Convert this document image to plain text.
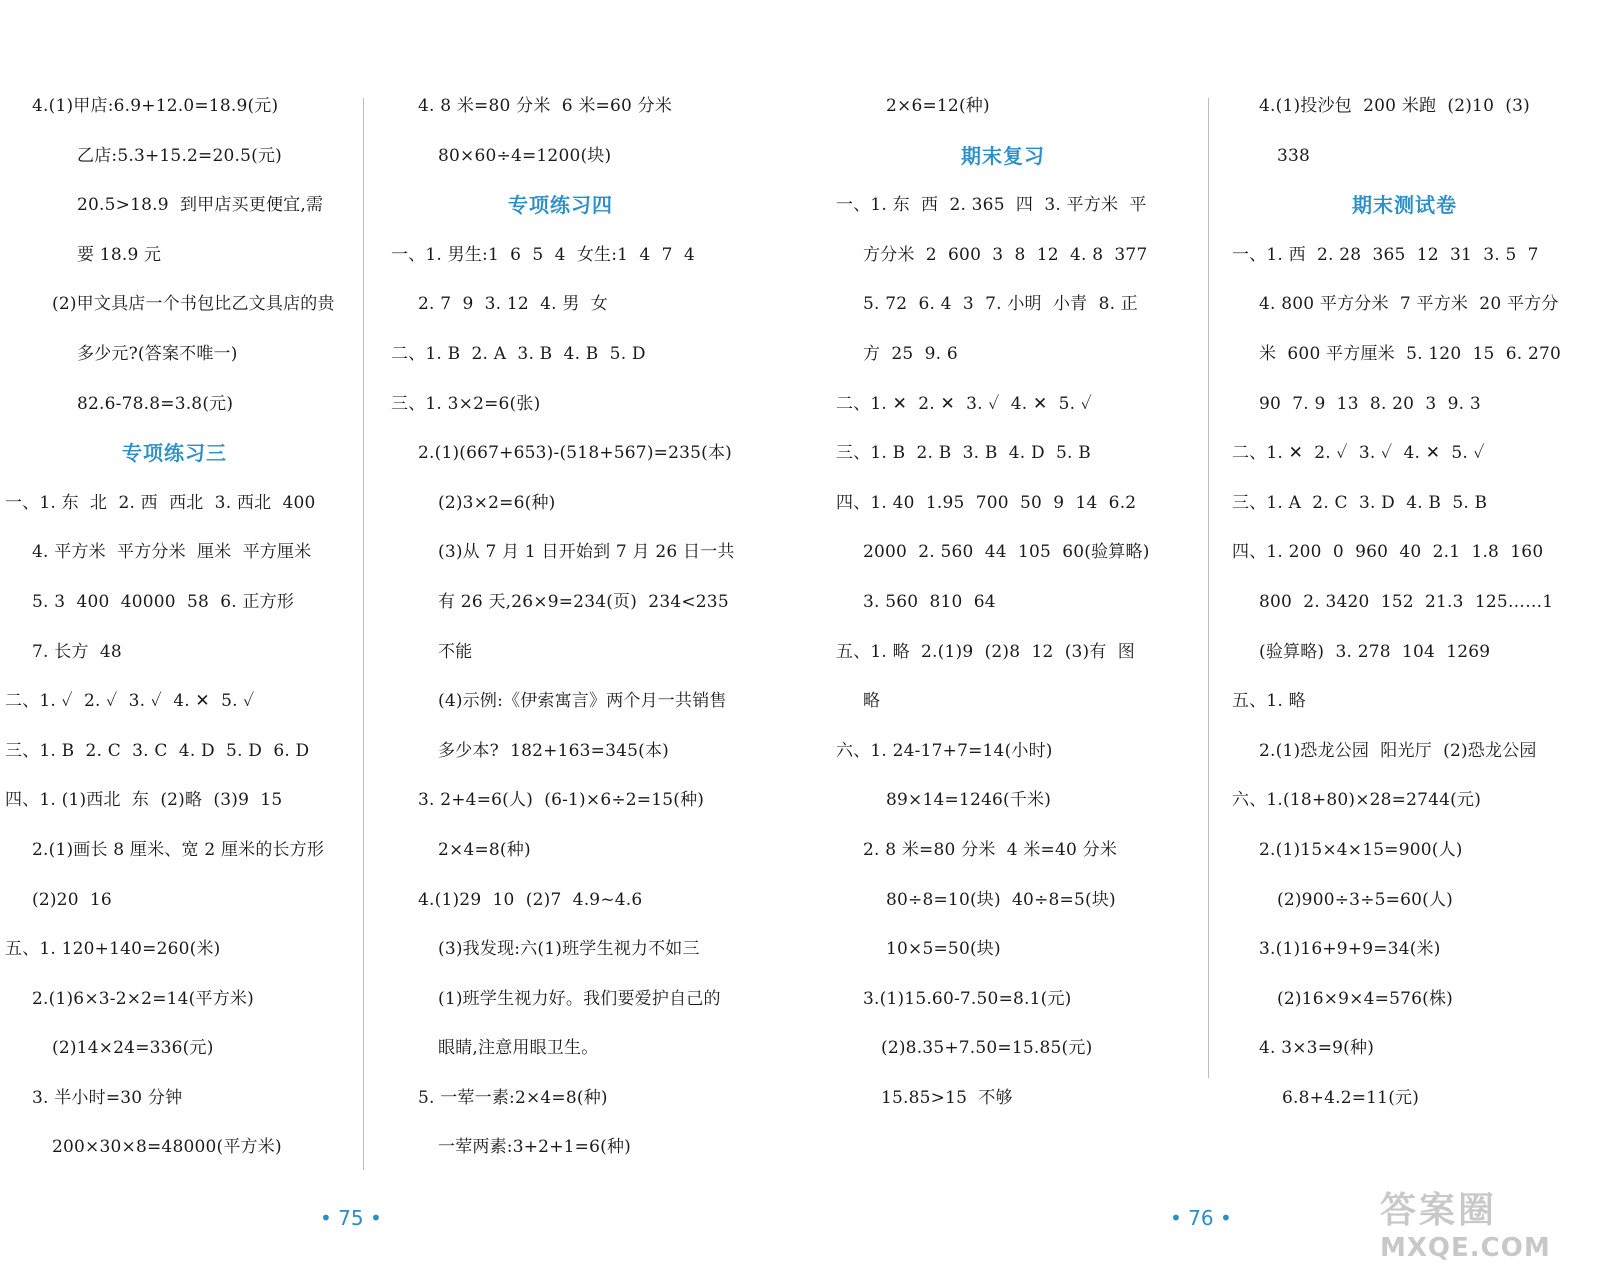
4.(1)甲店:6.9+12.0=18.9(元)
乙店:5.3+15.2=20.5(元)
20.5>18.9  到甲店买更便宜,需
要 18.9 元
(2)甲文具店一个书包比乙文具店的贵
多少元?(答案不唯一)
82.6-78.8=3.8(元)
专项练习三
一、1. 东  北  2. 西  西北  3. 西北  400
4. 平方米  平方分米  厘米  平方厘米
5. 3  400  40000  58  6. 正方形
7. 长方  48
二、1. ✓  2. ✓  3. ✓  4. ✕  5. ✓
三、1. B  2. C  3. C  4. D  5. D  6. D
四、1. (1)西北  东  (2)略  (3)9  15
2.(1)画长 8 厘米、宽 2 厘米的长方形
(2)20  16
五、1. 120+140=260(米)
2.(1)6×3-2×2=14(平方米)
(2)14×24=336(元)
3. 半小时=30 分钟
200×30×8=48000(平方米)
4. 8 米=80 分米  6 米=60 分米
80×60÷4=1200(块)
专项练习四
一、1. 男生:1  6  5  4  女生:1  4  7  4
2. 7  9  3. 12  4. 男  女
二、1. B  2. A  3. B  4. B  5. D
三、1. 3×2=6(张)
2.(1)(667+653)-(518+567)=235(本)
(2)3×2=6(种)
(3)从 7 月 1 日开始到 7 月 26 日一共
有 26 天,26×9=234(页)  234<235
不能
(4)示例:《伊索寓言》两个月一共销售
多少本?  182+163=345(本)
3. 2+4=6(人)  (6-1)×6÷2=15(种)
2×4=8(种)
4.(1)29  10  (2)7  4.9~4.6
(3)我发现:六(1)班学生视力不如三
(1)班学生视力好。我们要爱护自己的
眼睛,注意用眼卫生。
5. 一荤一素:2×4=8(种)
一荤两素:3+2+1=6(种)
2×6=12(种)
期末复习
一、1. 东  西  2. 365  四  3. 平方米  平
方分米  2  600  3  8  12  4. 8  377
5. 72  6. 4  3  7. 小明  小青  8. 正
方  25  9. 6
二、1. ✕  2. ✕  3. ✓  4. ✕  5. ✓
三、1. B  2. B  3. B  4. D  5. B
四、1. 40  1.95  700  50  9  14  6.2
2000  2. 560  44  105  60(验算略)
3. 560  810  64
五、1. 略  2.(1)9  (2)8  12  (3)有  图
略
六、1. 24-17+7=14(小时)
89×14=1246(千米)
2. 8 米=80 分米  4 米=40 分米
80÷8=10(块)  40÷8=5(块)
10×5=50(块)
3.(1)15.60-7.50=8.1(元)
(2)8.35+7.50=15.85(元)
15.85>15  不够
4.(1)投沙包  200 米跑  (2)10  (3)
338
期末测试卷
一、1. 西  2. 28  365  12  31  3. 5  7
4. 800 平方分米  7 平方米  20 平方分
米  600 平方厘米  5. 120  15  6. 270
90  7. 9  13  8. 20  3  9. 3
二、1. ✕  2. ✓  3. ✓  4. ✕  5. ✓
三、1. A  2. C  3. D  4. B  5. B
四、1. 200  0  960  40  2.1  1.8  160
800  2. 3420  152  21.3  125……1
(验算略)  3. 278  104  1269
五、1. 略
2.(1)恐龙公园  阳光厅  (2)恐龙公园
六、1.(18+80)×28=2744(元)
2.(1)15×4×15=900(人)
(2)900÷3÷5=60(人)
3.(1)16+9+9=34(米)
(2)16×9×4=576(株)
4. 3×3=9(种)
6.8+4.2=11(元)
• 75 •	• 76 •	答案圈
MXQE.COM
